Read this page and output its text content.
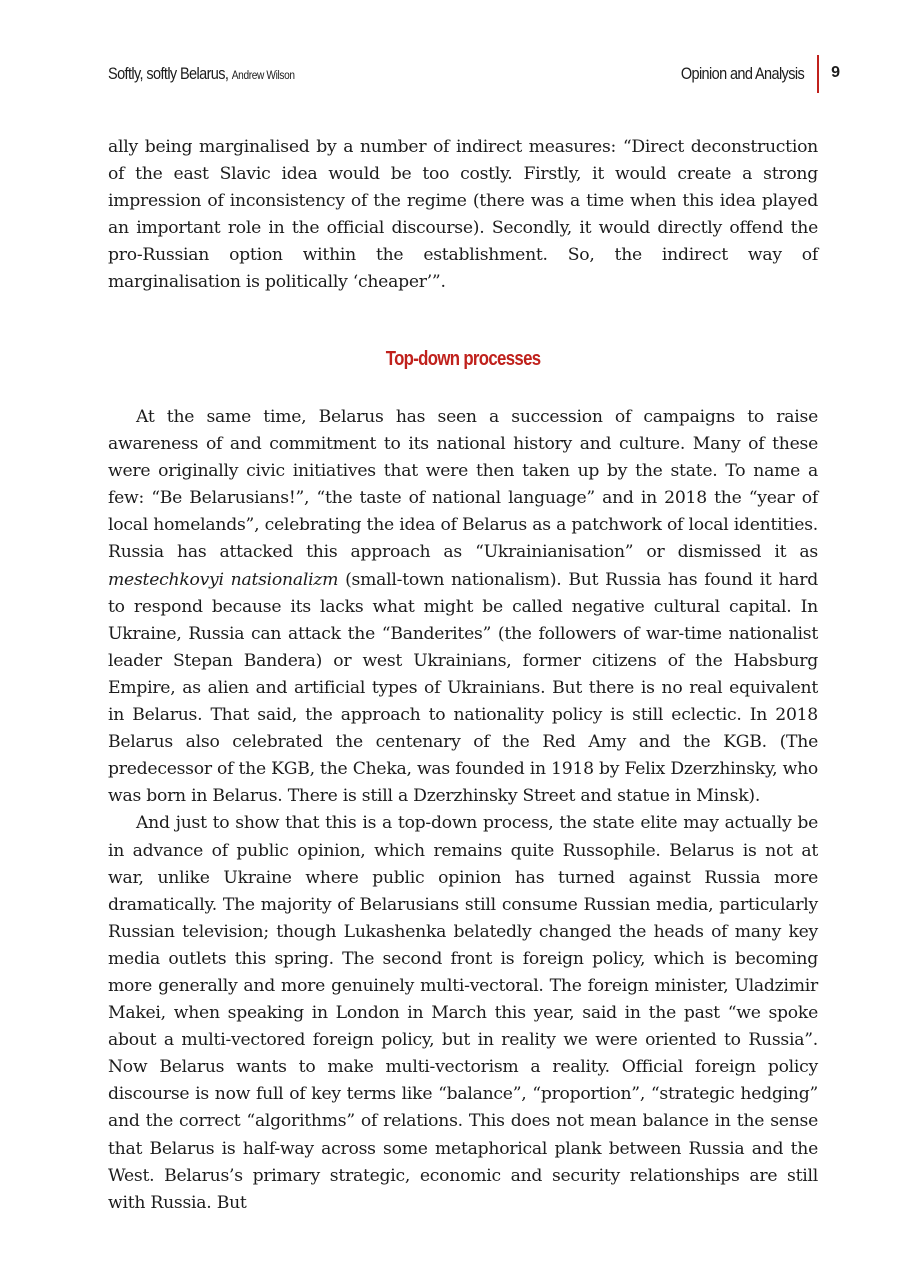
Softly, softly Belarus, Andrew Wilson	Opinion and Analysis 9

ally being marginalised by a number of indirect measures: “Direct deconstruction of the east Slavic idea would be too costly. Firstly, it would create a strong impression of inconsistency of the regime (there was a time when this idea played an important role in the official discourse). Secondly, it would directly offend the pro-Russian option within the establishment. So, the indirect way of marginalisation is politically ‘cheaper’”.

Top-down processes

At the same time, Belarus has seen a succession of campaigns to raise awareness of and commitment to its national history and culture. Many of these were originally civic initiatives that were then taken up by the state. To name a few: “Be Belarusians!”, “the taste of national language” and in 2018 the “year of local homelands”, celebrating the idea of Belarus as a patchwork of local identities. Russia has attacked this approach as “Ukrainianisation” or dismissed it as mestechkovyi natsionalizm (small-town nationalism). But Russia has found it hard to respond because its lacks what might be called negative cultural capital. In Ukraine, Russia can attack the “Banderites” (the followers of war-time nationalist leader Stepan Bandera) or west Ukrainians, former citizens of the Habsburg Empire, as alien and artificial types of Ukrainians. But there is no real equivalent in Belarus. That said, the approach to nationality policy is still eclectic. In 2018 Belarus also celebrated the centenary of the Red Amy and the KGB. (The predecessor of the KGB, the Cheka, was founded in 1918 by Felix Dzerzhinsky, who was born in Belarus. There is still a Dzerzhinsky Street and statue in Minsk).

And just to show that this is a top-down process, the state elite may actually be in advance of public opinion, which remains quite Russophile. Belarus is not at war, unlike Ukraine where public opinion has turned against Russia more dramatically. The majority of Belarusians still consume Russian media, particularly Russian television; though Lukashenka belatedly changed the heads of many key media outlets this spring. The second front is foreign policy, which is becoming more generally and more genuinely multi-vectoral. The foreign minister, Uladzimir Makei, when speaking in London in March this year, said in the past “we spoke about a multi-vectored foreign policy, but in reality we were oriented to Russia”. Now Belarus wants to make multi-vectorism a reality. Official foreign policy discourse is now full of key terms like “balance”, “proportion”, “strategic hedging” and the correct “algorithms” of relations. This does not mean balance in the sense that Belarus is half-way across some metaphorical plank between Russia and the West. Belarus’s primary strategic, economic and security relationships are still with Russia. But
